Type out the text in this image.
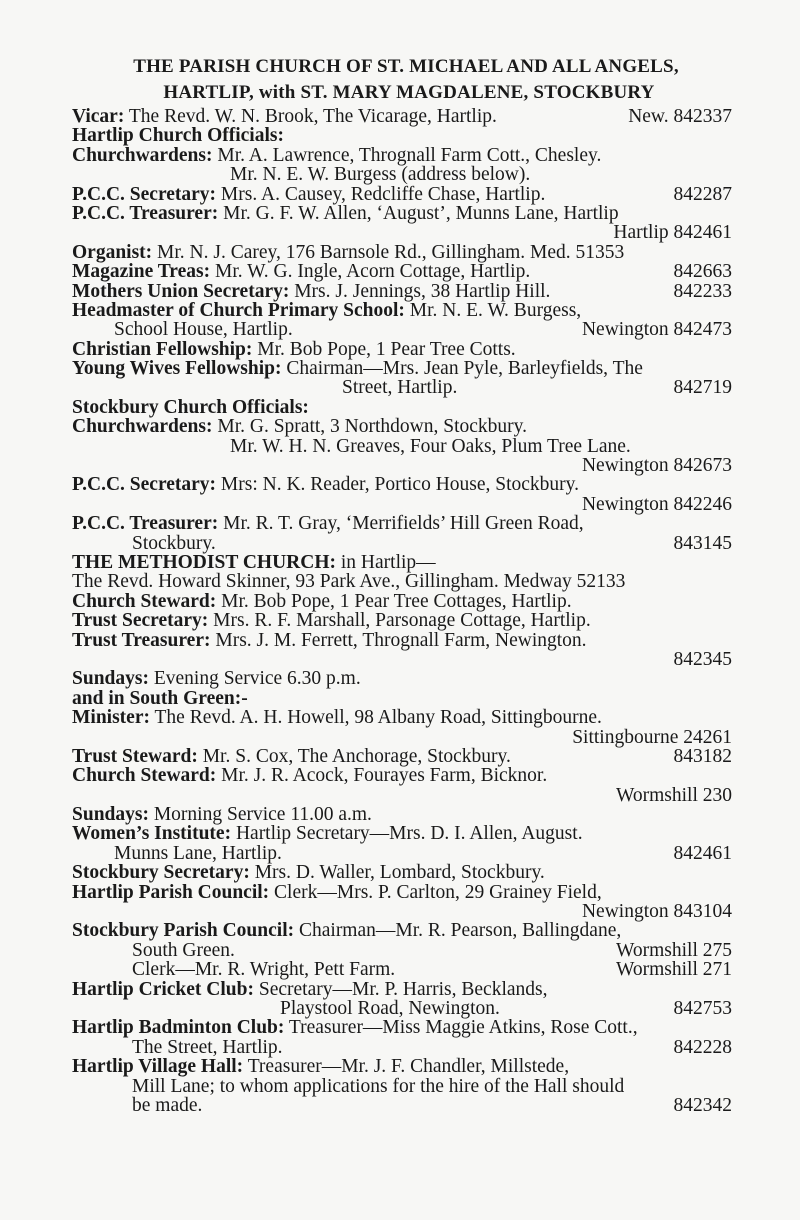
THE PARISH CHURCH OF ST. MICHAEL AND ALL ANGELS,
HARTLIP, with ST. MARY MAGDALENE, STOCKBURY
Vicar: The Revd. W. N. Brook, The Vicarage, Hartlip.	New. 842337
Hartlip Church Officials:
Churchwardens: Mr. A. Lawrence, Thrognall Farm Cott., Chesley.
Mr. N. E. W. Burgess (address below).
P.C.C. Secretary: Mrs. A. Causey, Redcliffe Chase, Hartlip.	842287
P.C.C. Treasurer: Mr. G. F. W. Allen, ‘August’, Munns Lane, Hartlip
Hartlip 842461
Organist: Mr. N. J. Carey, 176 Barnsole Rd., Gillingham. Med. 51353
Magazine Treas: Mr. W. G. Ingle, Acorn Cottage, Hartlip.	842663
Mothers Union Secretary: Mrs. J. Jennings, 38 Hartlip Hill.	842233
Headmaster of Church Primary School: Mr. N. E. W. Burgess,
School House, Hartlip.	Newington 842473
Christian Fellowship: Mr. Bob Pope, 1 Pear Tree Cotts.
Young Wives Fellowship: Chairman—Mrs. Jean Pyle, Barleyfields, The
Street, Hartlip.	842719
Stockbury Church Officials:
Churchwardens: Mr. G. Spratt, 3 Northdown, Stockbury.
Mr. W. H. N. Greaves, Four Oaks, Plum Tree Lane.
Newington 842673
P.C.C. Secretary: Mrs: N. K. Reader, Portico House, Stockbury.
Newington 842246
P.C.C. Treasurer: Mr. R. T. Gray, ‘Merrifields’ Hill Green Road,
Stockbury.	843145
THE METHODIST CHURCH: in Hartlip—
The Revd. Howard Skinner, 93 Park Ave., Gillingham. Medway 52133
Church Steward: Mr. Bob Pope, 1 Pear Tree Cottages, Hartlip.
Trust Secretary: Mrs. R. F. Marshall, Parsonage Cottage, Hartlip.
Trust Treasurer: Mrs. J. M. Ferrett, Thrognall Farm, Newington.
842345
Sundays: Evening Service 6.30 p.m.
and in South Green:-
Minister: The Revd. A. H. Howell, 98 Albany Road, Sittingbourne.
Sittingbourne 24261
Trust Steward: Mr. S. Cox, The Anchorage, Stockbury.	843182
Church Steward: Mr. J. R. Acock, Fourayes Farm, Bicknor.
Wormshill 230
Sundays: Morning Service 11.00 a.m.
Women’s Institute: Hartlip Secretary—Mrs. D. I. Allen, August.
Munns Lane, Hartlip.	842461
Stockbury Secretary: Mrs. D. Waller, Lombard, Stockbury.
Hartlip Parish Council: Clerk—Mrs. P. Carlton, 29 Grainey Field,
Newington 843104
Stockbury Parish Council: Chairman—Mr. R. Pearson, Ballingdane,
South Green.	Wormshill 275
Clerk—Mr. R. Wright, Pett Farm.	Wormshill 271
Hartlip Cricket Club: Secretary—Mr. P. Harris, Becklands,
Playstool Road, Newington.	842753
Hartlip Badminton Club: Treasurer—Miss Maggie Atkins, Rose Cott.,
The Street, Hartlip.	842228
Hartlip Village Hall: Treasurer—Mr. J. F. Chandler, Millstede,
Mill Lane; to whom applications for the hire of the Hall should
be made.	842342
